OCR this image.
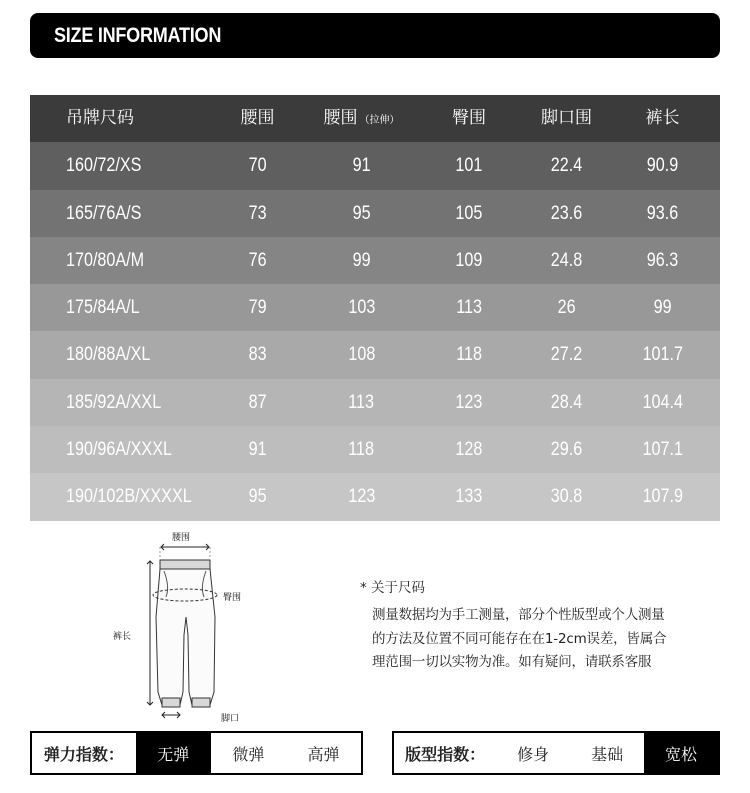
SIZE INFORMATION
吊牌尺码	腰围	腰围 （拉伸）	臀围	脚口围	裤长
160/72/XS	70	91	101	22.4	90.9
165/76A/S	73	95	105	23.6	93.6
170/80A/M	76	99	109	24.8	96.3
175/84A/L	79	103	113	26	99
180/88A/XL	83	108	118	27.2	101.7
185/92A/XXL	87	113	123	28.4	104.4
190/96A/XXXL	91	118	128	29.6	107.1
190/102B/XXXXL	95	123	133	30.8	107.9
腰围
臀围
裤长
脚口
* 关于尺码
测量数据均为手工测量，部分个性版型或个人测量
的方法及位置不同可能存在在1-2cm误差，皆属合
理范围一切以实物为准。如有疑问，请联系客服
弹力指数：	无弹	微弹	高弹	版型指数：	修身	基础	宽松
